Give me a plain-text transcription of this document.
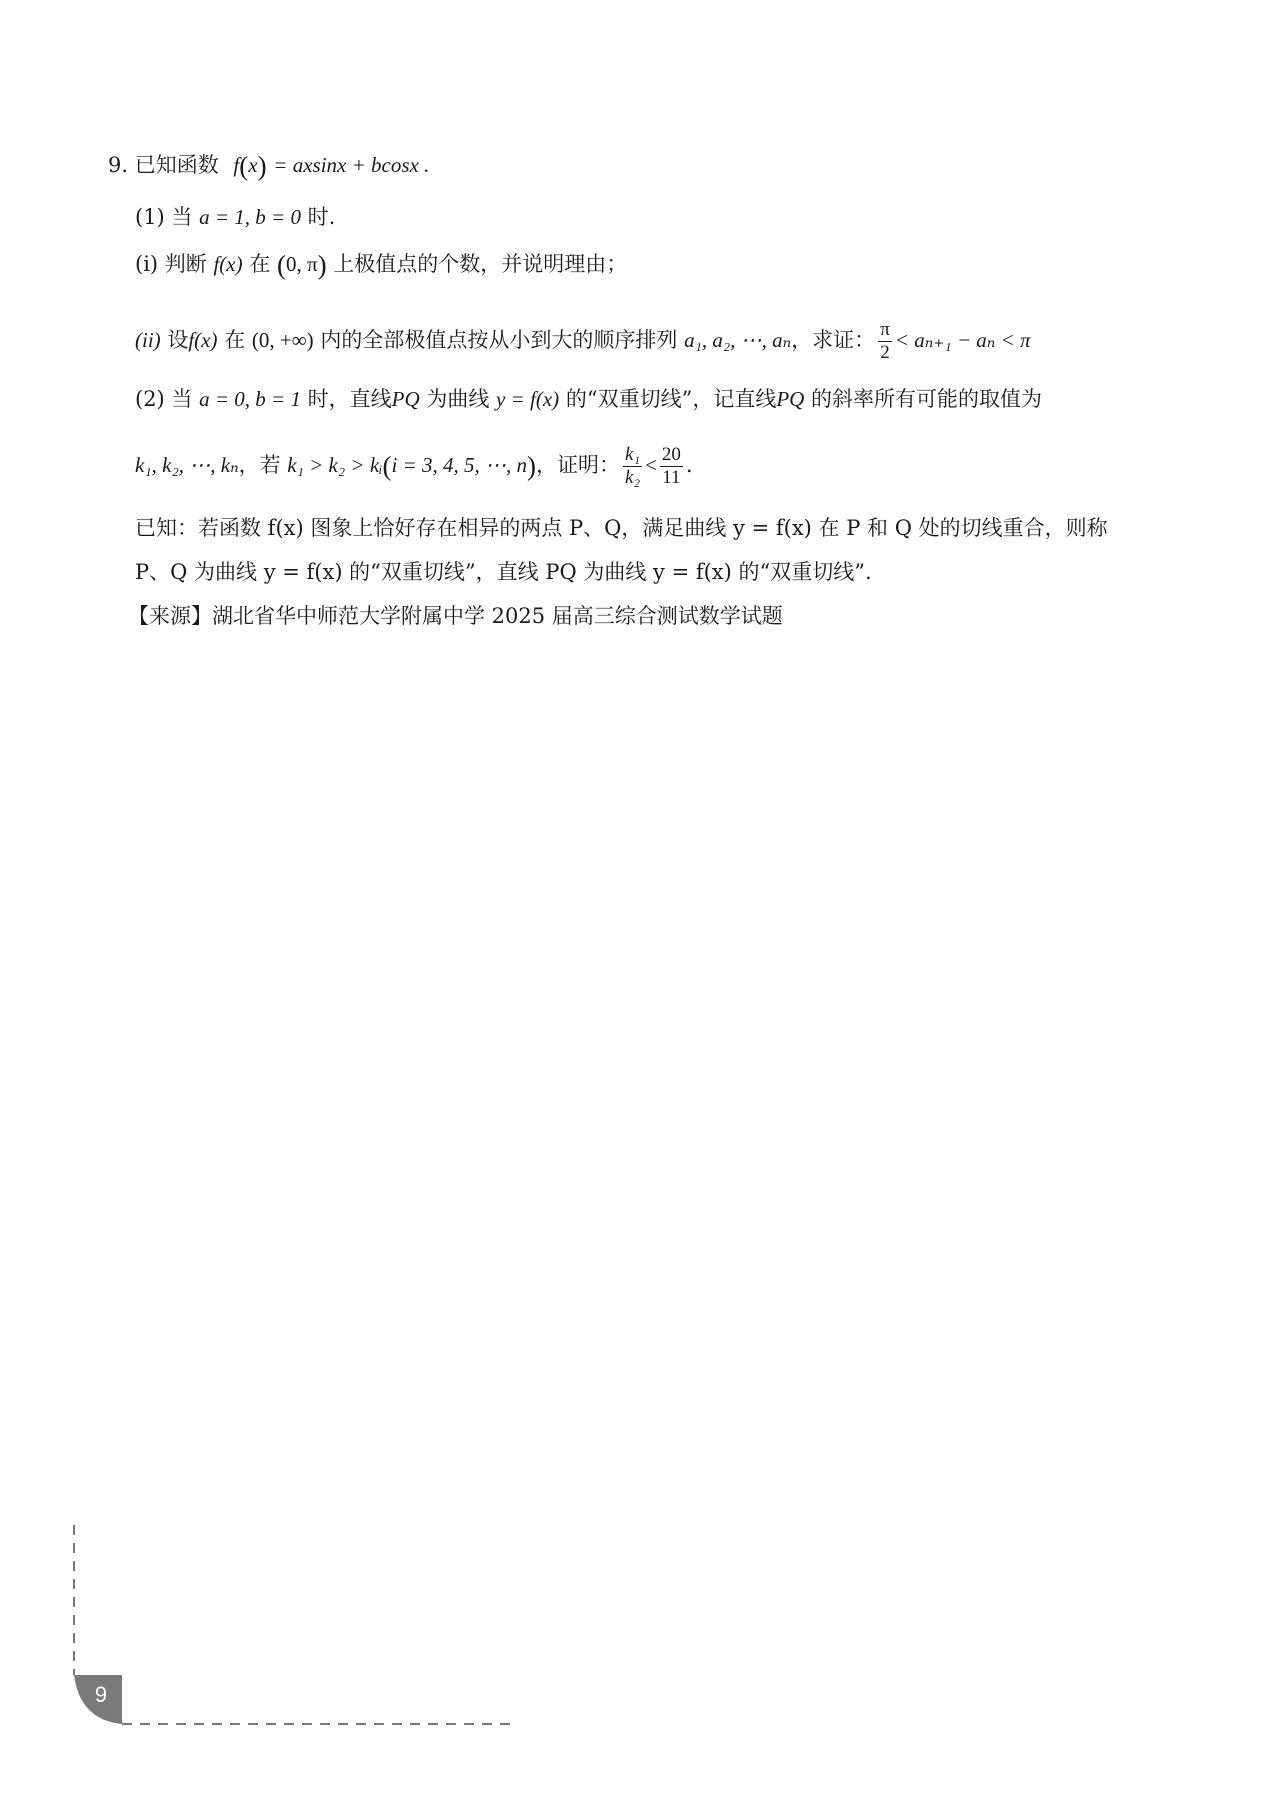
9. 已知函数 f(x) = axsinx + bcosx .
(1) 当 a = 1, b = 0 时.
(i) 判断 f(x) 在 (0, π) 上极值点的个数，并说明理由；
(ii) 设f(x) 在 (0, +∞) 内的全部极值点按从小到大的顺序排列 a₁, a₂, ⋯, aₙ，求证： $\frac{\pi}{2} < a_{n+1} - a_n < \pi$
(2) 当 a = 0, b = 1 时，直线PQ 为曲线 y = f(x) 的“双重切线”，记直线PQ 的斜率所有可能的取值为
k₁, k₂, ⋯, kₙ，若 k₁ > k₂ > kᵢ(i = 3, 4, 5, ⋯, n)，证明： $\frac{\text{k₁}}{\text{k₂}} < \frac{20}{11}$ .
已知：若函数 f(x) 图象上恰好存在相异的两点 P、Q，满足曲线 y = f(x) 在 P 和 Q 处的切线重合，则称
P、Q 为曲线 y = f(x) 的“双重切线”，直线 PQ 为曲线 y = f(x) 的“双重切线”.
【来源】湖北省华中师范大学附属中学 2025 届高三综合测试数学试题
9
